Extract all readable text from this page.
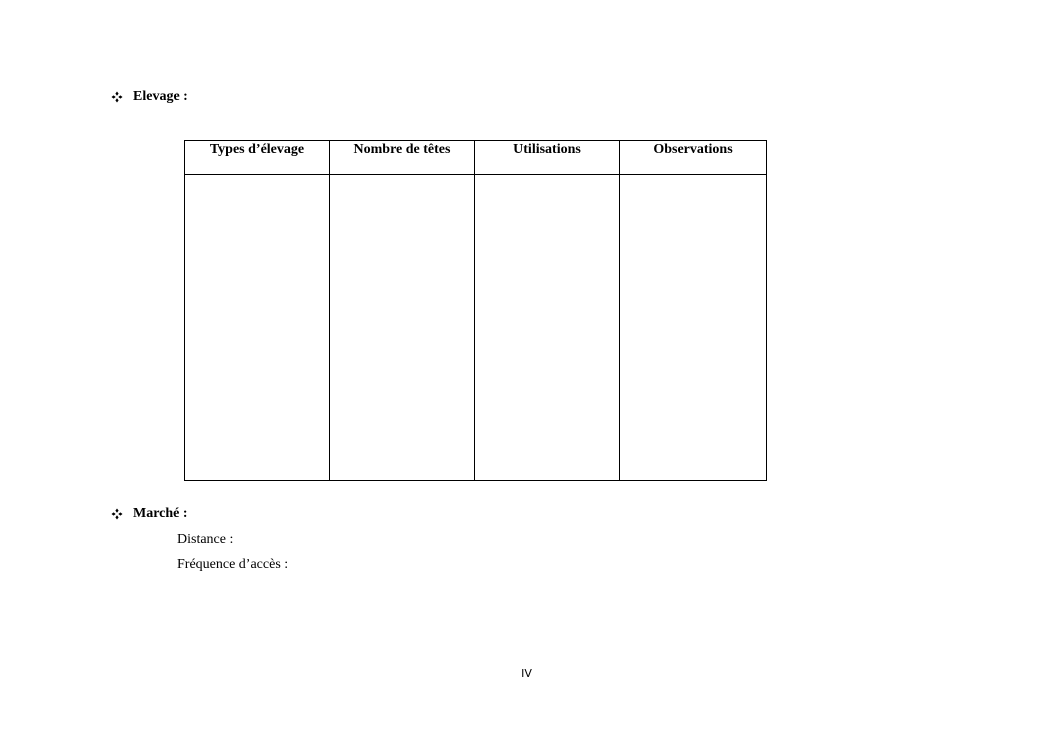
Elevage :
Types d’élevage	Nombre de têtes	Utilisations	Observations

Marché :
Distance :
Fréquence d’accès :
IV
